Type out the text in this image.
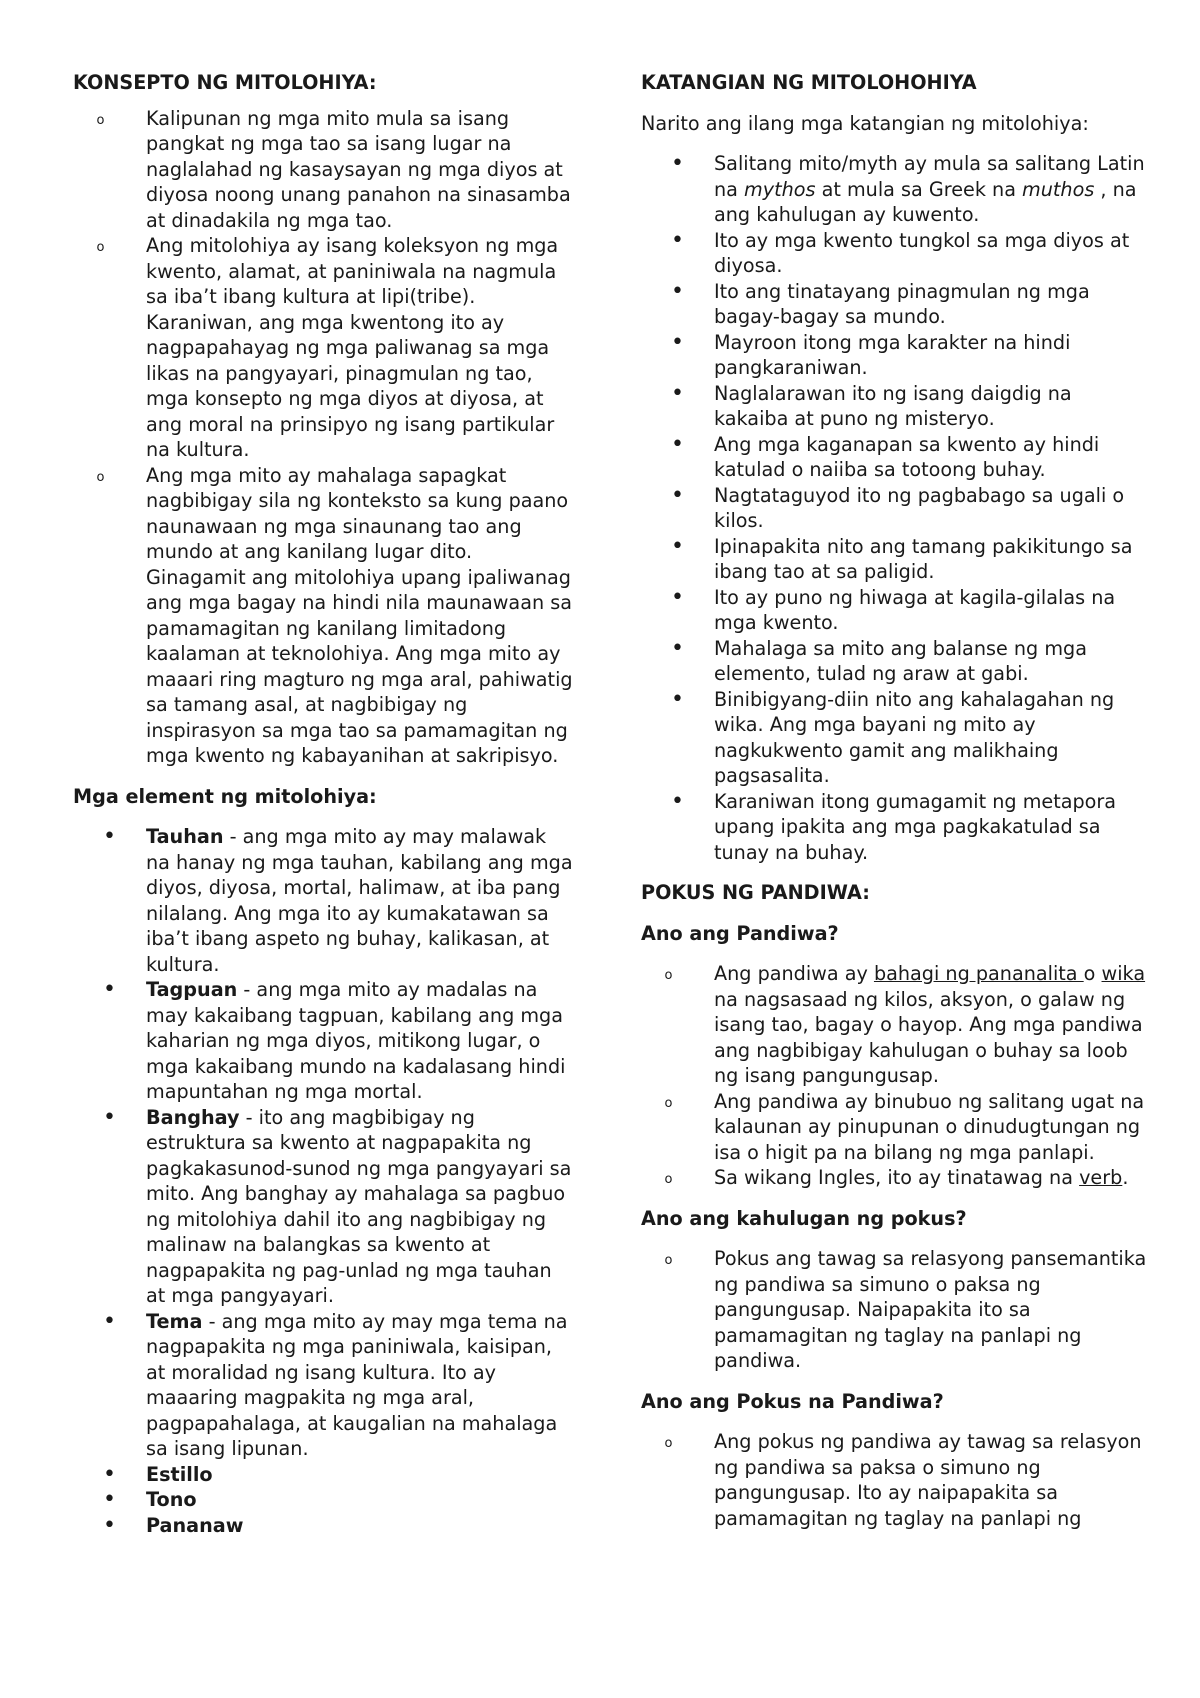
KONSEPTO NG MITOLOHIYA:

o	Kalipunan ng mga mito mula sa isang pangkat ng mga tao sa isang lugar na naglalahad ng kasaysayan ng mga diyos at diyosa noong unang panahon na sinasamba at dinadakila ng mga tao.
o	Ang mitolohiya ay isang koleksyon ng mga kwento, alamat, at paniniwala na nagmula sa iba’t ibang kultura at lipi(tribe). Karaniwan, ang mga kwentong ito ay nagpapahayag ng mga paliwanag sa mga likas na pangyayari, pinagmulan ng tao, mga konsepto ng mga diyos at diyosa, at ang moral na prinsipyo ng isang partikular na kultura.
o	Ang mga mito ay mahalaga sapagkat nagbibigay sila ng konteksto sa kung paano naunawaan ng mga sinaunang tao ang mundo at ang kanilang lugar dito. Ginagamit ang mitolohiya upang ipaliwanag ang mga bagay na hindi nila maunawaan sa pamamagitan ng kanilang limitadong kaalaman at teknolohiya. Ang mga mito ay maaari ring magturo ng mga aral, pahiwatig sa tamang asal, at nagbibigay ng inspirasyon sa mga tao sa pamamagitan ng mga kwento ng kabayanihan at sakripisyo.

Mga element ng mitolohiya:

•	Tauhan - ang mga mito ay may malawak na hanay ng mga tauhan, kabilang ang mga diyos, diyosa, mortal, halimaw, at iba pang nilalang. Ang mga ito ay kumakatawan sa iba’t ibang aspeto ng buhay, kalikasan, at kultura.
•	Tagpuan - ang mga mito ay madalas na may kakaibang tagpuan, kabilang ang mga kaharian ng mga diyos, mitikong lugar, o mga kakaibang mundo na kadalasang hindi mapuntahan ng mga mortal.
•	Banghay - ito ang magbibigay ng estruktura sa kwento at nagpapakita ng pagkakasunod-sunod ng mga pangyayari sa mito. Ang banghay ay mahalaga sa pagbuo ng mitolohiya dahil ito ang nagbibigay ng malinaw na balangkas sa kwento at nagpapakita ng pag-unlad ng mga tauhan at mga pangyayari.
•	Tema - ang mga mito ay may mga tema na nagpapakita ng mga paniniwala, kaisipan, at moralidad ng isang kultura. Ito ay maaaring magpakita ng mga aral, pagpapahalaga, at kaugalian na mahalaga sa isang lipunan.
•	Estillo
•	Tono
•	Pananaw

KATANGIAN NG MITOLOHOHIYA

Narito ang ilang mga katangian ng mitolohiya:

•	Salitang mito/myth ay mula sa salitang Latin na mythos at mula sa Greek na muthos , na ang kahulugan ay kuwento.
•	Ito ay mga kwento tungkol sa mga diyos at diyosa.
•	Ito ang tinatayang pinagmulan ng mga bagay-bagay sa mundo.
•	Mayroon itong mga karakter na hindi pangkaraniwan.
•	Naglalarawan ito ng isang daigdig na kakaiba at puno ng misteryo.
•	Ang mga kaganapan sa kwento ay hindi katulad o naiiba sa totoong buhay.
•	Nagtataguyod ito ng pagbabago sa ugali o kilos.
•	Ipinapakita nito ang tamang pakikitungo sa ibang tao at sa paligid.
•	Ito ay puno ng hiwaga at kagila-gilalas na mga kwento.
•	Mahalaga sa mito ang balanse ng mga elemento, tulad ng araw at gabi.
•	Binibigyang-diin nito ang kahalagahan ng wika. Ang mga bayani ng mito ay nagkukwento gamit ang malikhaing pagsasalita.
•	Karaniwan itong gumagamit ng metapora upang ipakita ang mga pagkakatulad sa tunay na buhay.

POKUS NG PANDIWA:

Ano ang Pandiwa?

o	Ang pandiwa ay bahagi ng pananalita o wika na nagsasaad ng kilos, aksyon, o galaw ng isang tao, bagay o hayop. Ang mga pandiwa ang nagbibigay kahulugan o buhay sa loob ng isang pangungusap.
o	Ang pandiwa ay binubuo ng salitang ugat na kalaunan ay pinupunan o dinudugtungan ng isa o higit pa na bilang ng mga panlapi.
o	Sa wikang Ingles, ito ay tinatawag na verb.

Ano ang kahulugan ng pokus?

o	Pokus ang tawag sa relasyong pansemantika ng pandiwa sa simuno o paksa ng pangungusap. Naipapakita ito sa pamamagitan ng taglay na panlapi ng pandiwa.

Ano ang Pokus na Pandiwa?

o	Ang pokus ng pandiwa ay tawag sa relasyon ng pandiwa sa paksa o simuno ng pangungusap. Ito ay naipapakita sa pamamagitan ng taglay na panlapi ng
